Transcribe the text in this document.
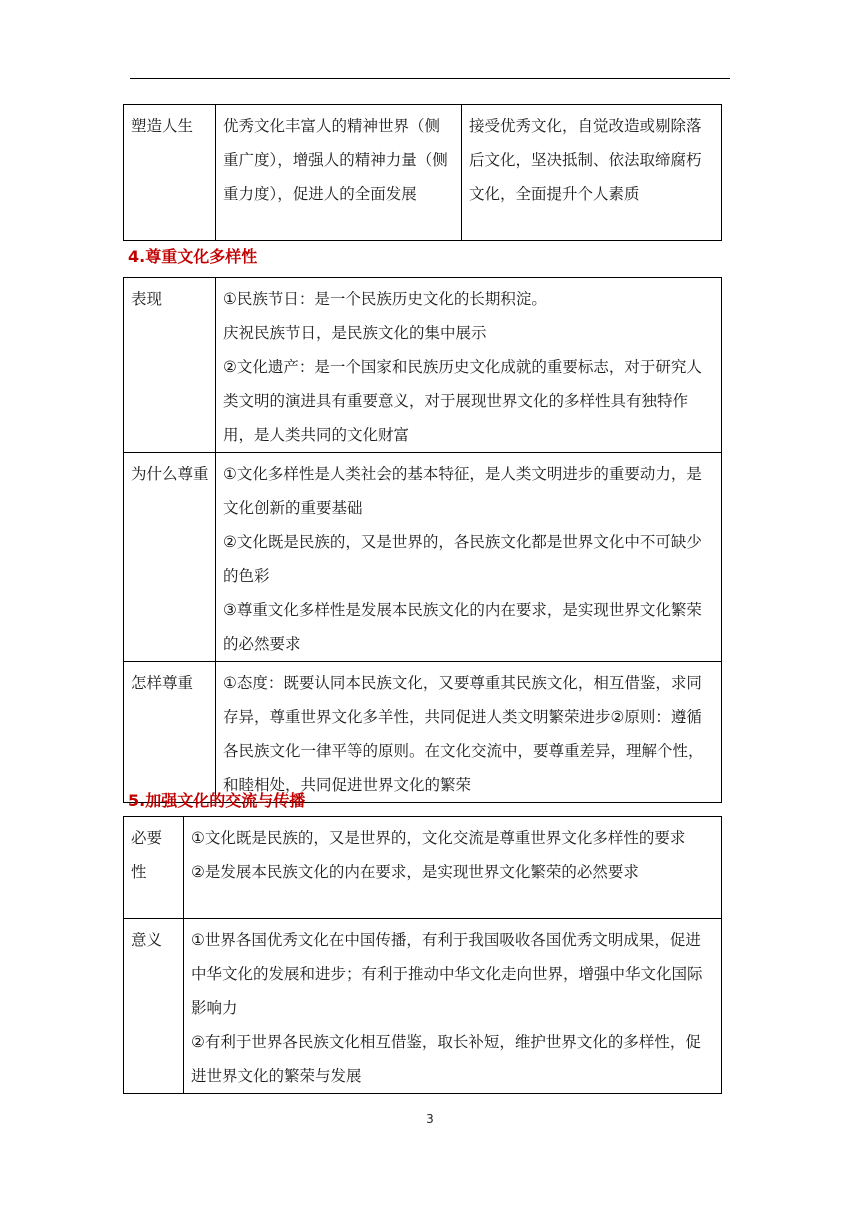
塑造人生	优秀文化丰富人的精神世界（侧重广度），增强人的精神力量（侧重力度），促进人的全面发展	接受优秀文化，自觉改造或剔除落后文化，坚决抵制、依法取缔腐朽文化，全面提升个人素质
4.尊重文化多样性
表现	①民族节日：是一个民族历史文化的长期积淀。

庆祝民族节日，是民族文化的集中展示

②文化遗产：是一个国家和民族历史文化成就的重要标志，对于研究人类文明的演进具有重要意义，对于展现世界文化的多样性具有独特作用，是人类共同的文化财富

为什么尊重	①文化多样性是人类社会的基本特征，是人类文明进步的重要动力，是文化创新的重要基础

②文化既是民族的，又是世界的，各民族文化都是世界文化中不可缺少的色彩

③尊重文化多样性是发展本民族文化的内在要求，是实现世界文化繁荣的必然要求

怎样尊重	①态度：既要认同本民族文化，又要尊重其民族文化，相互借鉴，求同存异，尊重世界文化多羊性，共同促进人类文明繁荣进步②原则：遵循各民族文化一律平等的原则。在文化交流中，要尊重差异，理解个性，和睦相处，共同促进世界文化的繁荣

5.加强文化的交流与传播
必要性	①文化既是民族的，又是世界的，文化交流是尊重世界文化多样性的要求

②是发展本民族文化的内在要求，是实现世界文化繁荣的必然要求

意义	①世界各国优秀文化在中国传播，有利于我国吸收各国优秀文明成果，促进中华文化的发展和进步；有利于推动中华文化走向世界，增强中华文化国际影响力

②有利于世界各民族文化相互借鉴，取长补短，维护世界文化的多样性，促进世界文化的繁荣与发展

3
